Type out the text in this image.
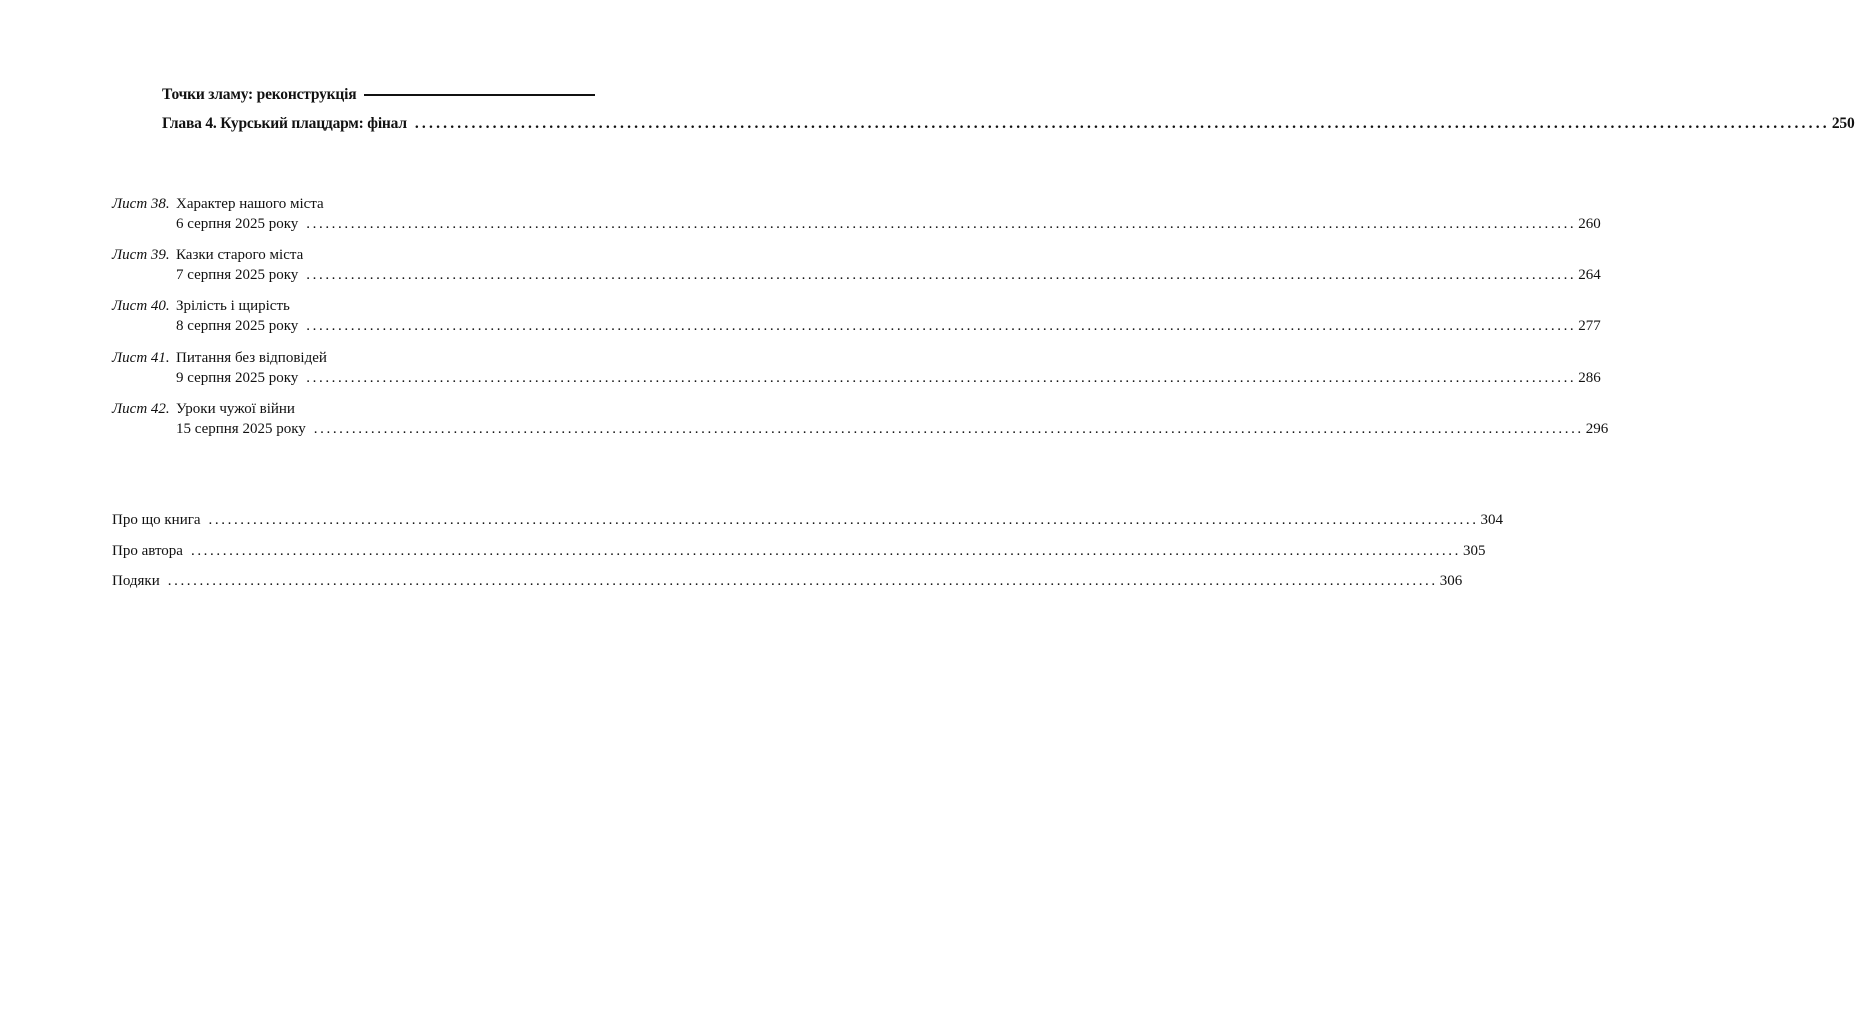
Точки зламу: реконструкція
Глава 4. Курський плацдарм: фінал ........................................................................................................................................................................................................ 250
Лист 38. Характер нашого міста
6 серпня 2025 року ........................................................................................................................................................................................................ 260
Лист 39. Казки старого міста
7 серпня 2025 року ........................................................................................................................................................................................................ 264
Лист 40. Зрілість і щирість
8 серпня 2025 року ........................................................................................................................................................................................................ 277
Лист 41. Питання без відповідей
9 серпня 2025 року ........................................................................................................................................................................................................ 286
Лист 42. Уроки чужої війни
15 серпня 2025 року ........................................................................................................................................................................................................ 296
Про що книга ........................................................................................................................................................................................................ 304
Про автора ........................................................................................................................................................................................................ 305
Подяки ........................................................................................................................................................................................................ 306
